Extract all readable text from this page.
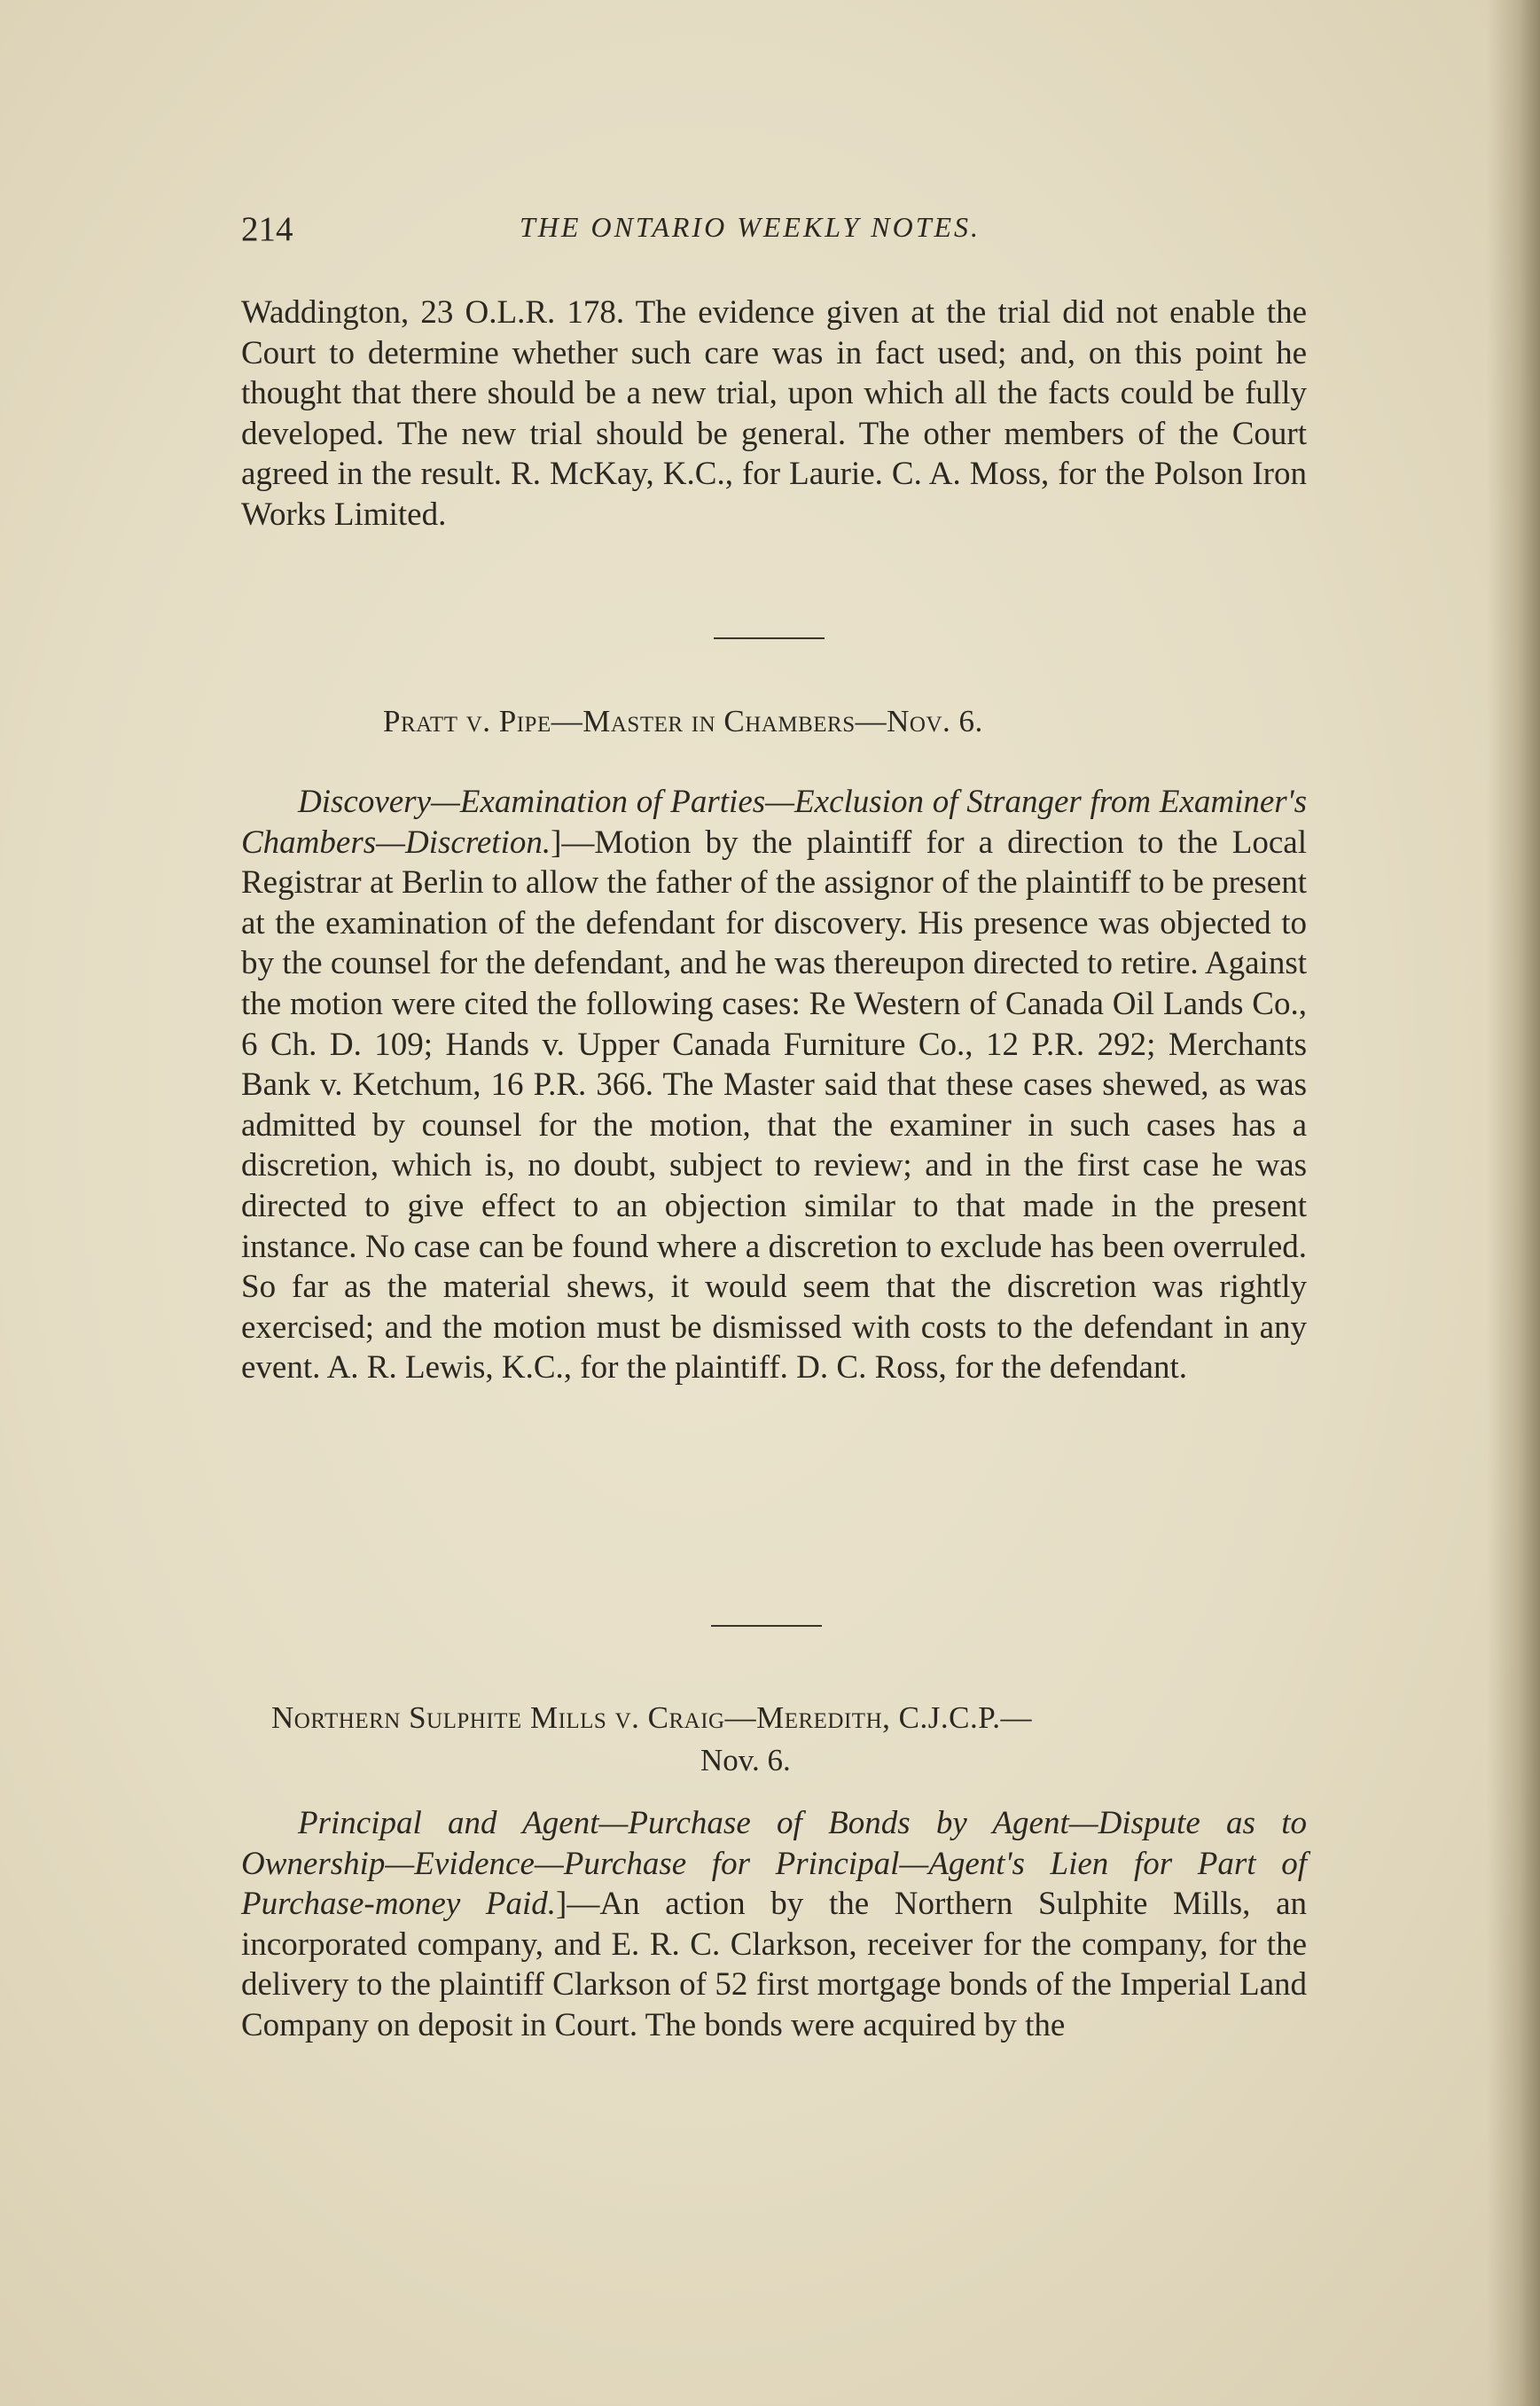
214	THE ONTARIO WEEKLY NOTES.

Waddington, 23 O.L.R. 178. The evidence given at the trial did not enable the Court to determine whether such care was in fact used; and, on this point he thought that there should be a new trial, upon which all the facts could be fully developed. The new trial should be general. The other members of the Court agreed in the result. R. McKay, K.C., for Laurie. C. A. Moss, for the Polson Iron Works Limited.

Pratt v. Pipe—Master in Chambers—Nov. 6.

Discovery—Examination of Parties—Exclusion of Stranger from Examiner's Chambers—Discretion.]—Motion by the plaintiff for a direction to the Local Registrar at Berlin to allow the father of the assignor of the plaintiff to be present at the examination of the defendant for discovery. His presence was objected to by the counsel for the defendant, and he was thereupon directed to retire. Against the motion were cited the following cases: Re Western of Canada Oil Lands Co., 6 Ch. D. 109; Hands v. Upper Canada Furniture Co., 12 P.R. 292; Merchants Bank v. Ketchum, 16 P.R. 366. The Master said that these cases shewed, as was admitted by counsel for the motion, that the examiner in such cases has a discretion, which is, no doubt, subject to review; and in the first case he was directed to give effect to an objection similar to that made in the present instance. No case can be found where a discretion to exclude has been overruled. So far as the material shews, it would seem that the discretion was rightly exercised; and the motion must be dismissed with costs to the defendant in any event. A. R. Lewis, K.C., for the plaintiff. D. C. Ross, for the defendant.

Northern Sulphite Mills v. Craig—Meredith, C.J.C.P.—
Nov. 6.

Principal and Agent—Purchase of Bonds by Agent—Dispute as to Ownership—Evidence—Purchase for Principal—Agent's Lien for Part of Purchase-money Paid.]—An action by the Northern Sulphite Mills, an incorporated company, and E. R. C. Clarkson, receiver for the company, for the delivery to the plaintiff Clarkson of 52 first mortgage bonds of the Imperial Land Company on deposit in Court. The bonds were acquired by the
